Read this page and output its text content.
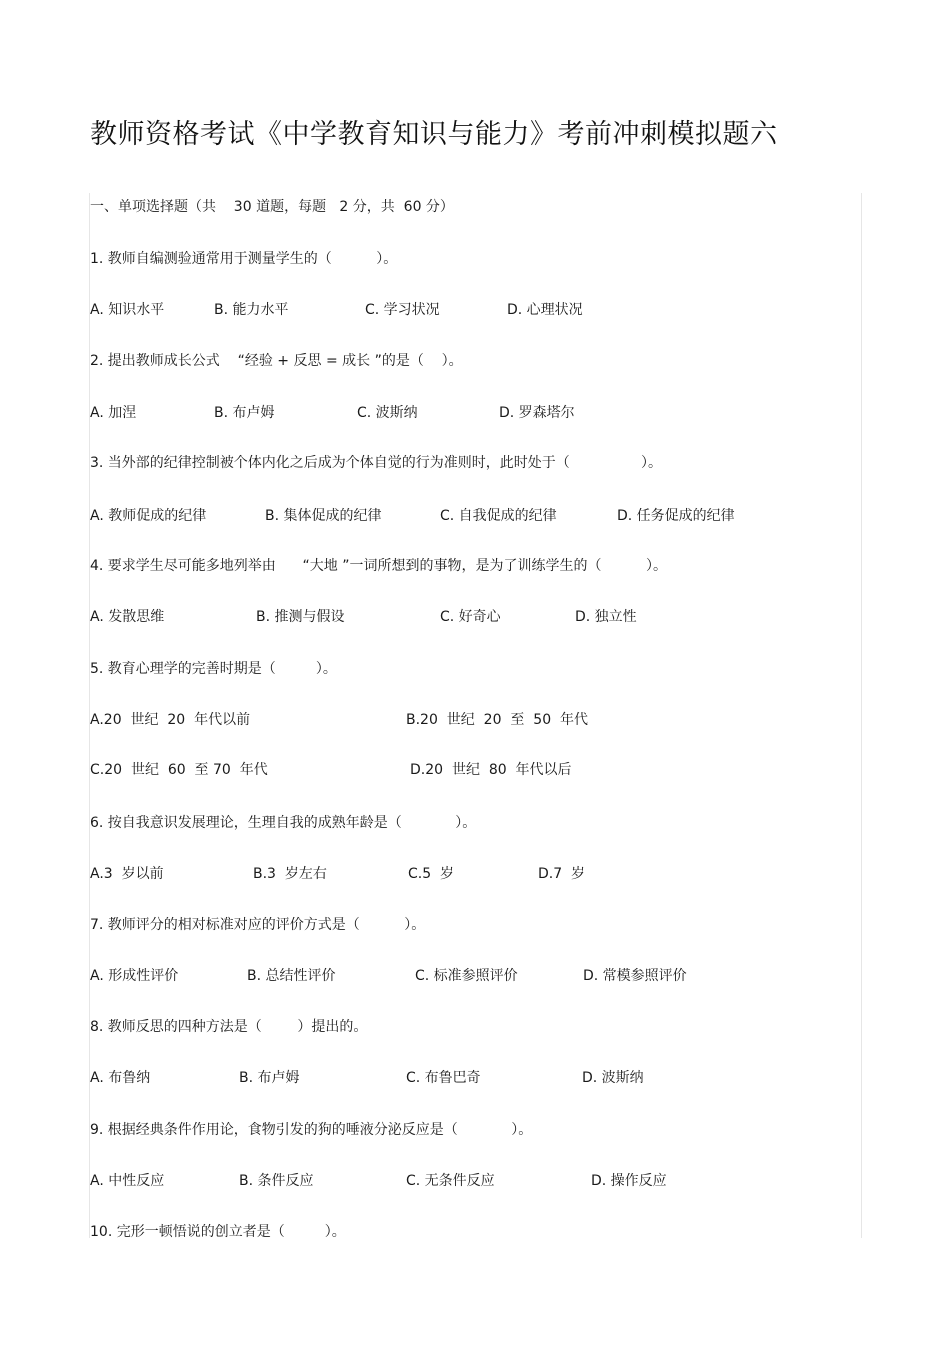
教师资格考试《中学教育知识与能力》考前冲刺模拟题六
一、单项选择题（共    30 道题，每题   2 分，共  60 分）
1. 教师自编测验通常用于测量学生的（          ）。
A. 知识水平	B. 能力水平	C. 学习状况	D. 心理状况
2. 提出教师成长公式    “经验 + 反思 = 成长 ”的是（    ）。
A. 加涅	B. 布卢姆	C. 波斯纳	D. 罗森塔尔
3. 当外部的纪律控制被个体内化之后成为个体自觉的行为准则时，此时处于（                ）。
A. 教师促成的纪律	B. 集体促成的纪律	C. 自我促成的纪律	D. 任务促成的纪律
4. 要求学生尽可能多地列举由      “大地 ”一词所想到的事物，是为了训练学生的（          ）。
A. 发散思维	B. 推测与假设	C. 好奇心	D. 独立性
5. 教育心理学的完善时期是（         ）。
A.20  世纪  20  年代以前	B.20  世纪  20  至  50  年代
C.20  世纪  60  至 70  年代	D.20  世纪  80  年代以后
6. 按自我意识发展理论，生理自我的成熟年龄是（            ）。
A.3  岁以前	B.3  岁左右	C.5  岁	D.7  岁
7. 教师评分的相对标准对应的评价方式是（          ）。
A. 形成性评价	B. 总结性评价	C. 标准参照评价	D. 常模参照评价
8. 教师反思的四种方法是（        ）提出的。
A. 布鲁纳	B. 布卢姆	C. 布鲁巴奇	D. 波斯纳
9. 根据经典条件作用论，食物引发的狗的唾液分泌反应是（            ）。
A. 中性反应	B. 条件反应	C. 无条件反应	D. 操作反应
10. 完形一顿悟说的创立者是（         ）。
